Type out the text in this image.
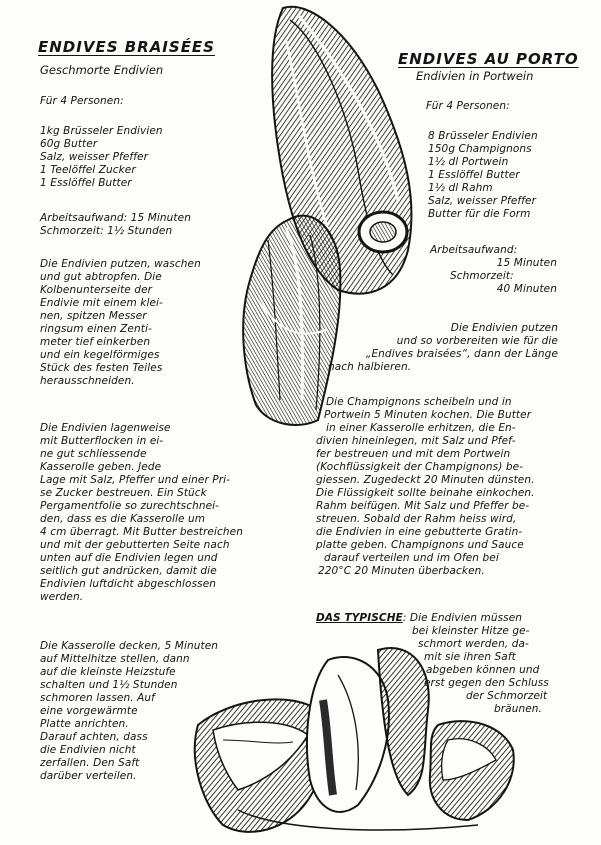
ENDIVES BRAISÉES
Geschmorte Endivien
Für 4 Personen:
1kg Brüsseler Endivien
60g Butter
Salz, weisser Pfeffer
1 Teelöffel Zucker
1 Esslöffel Butter
Arbeitsaufwand: 15 Minuten
Schmorzeit: 1½ Stunden
Die Endivien putzen, waschen
und gut abtropfen. Die
Kolbenunterseite der
Endivie mit einem klei-
nen, spitzen Messer
ringsum einen Zenti-
meter tief einkerben
und ein kegelförmiges
Stück des festen Teiles
herausschneiden.
Die Endivien lagenweise
mit Butterflocken in ei-
ne gut schliessende
Kasserolle geben. Jede
Lage mit Salz, Pfeffer und einer Pri-
se Zucker bestreuen. Ein Stück
Pergamentfolie so zurechtschnei-
den, dass es die Kasserolle um
4 cm überragt. Mit Butter bestreichen
und mit der gebutterten Seite nach
unten auf die Endivien legen und
seitlich gut andrücken, damit die
Endivien luftdicht abgeschlossen
werden.
Die Kasserolle decken, 5 Minuten
auf Mittelhitze stellen, dann
auf die kleinste Heizstufe
schalten und 1½ Stunden
schmoren lassen. Auf
eine vorgewärmte
Platte anrichten.
Darauf achten, dass
die Endivien nicht
zerfallen. Den Saft
darüber verteilen.
ENDIVES AU PORTO
Endivien in Portwein
Für 4 Personen:
8 Brüsseler Endivien
150g Champignons
1½ dl Portwein
1 Esslöffel Butter
1½ dl Rahm
Salz, weisser Pfeffer
Butter für die Form
Arbeitsaufwand:
15 Minuten
Schmorzeit:
40 Minuten
Die Endivien putzen
und so vorbereiten wie für die
„Endives braisées“, dann der Länge
nach halbieren.
Die Champignons scheibeln und in
Portwein 5 Minuten kochen. Die Butter
in einer Kasserolle erhitzen, die En-
divien hineinlegen, mit Salz und Pfef-
fer bestreuen und mit dem Portwein
(Kochflüssigkeit der Champignons) be-
giessen. Zugedeckt 20 Minuten dünsten.
Die Flüssigkeit sollte beinahe einkochen.
Rahm beifügen. Mit Salz und Pfeffer be-
streuen. Sobald der Rahm heiss wird,
die Endivien in eine gebutterte Gratin-
platte geben. Champignons und Sauce
darauf verteilen und im Ofen bei
220°C 20 Minuten überbacken.
DAS TYPISCHE: Die Endivien müssen
bei kleinster Hitze ge-
schmort werden, da-
mit sie ihren Saft
abgeben können und
erst gegen den Schluss
der Schmorzeit
bräunen.
